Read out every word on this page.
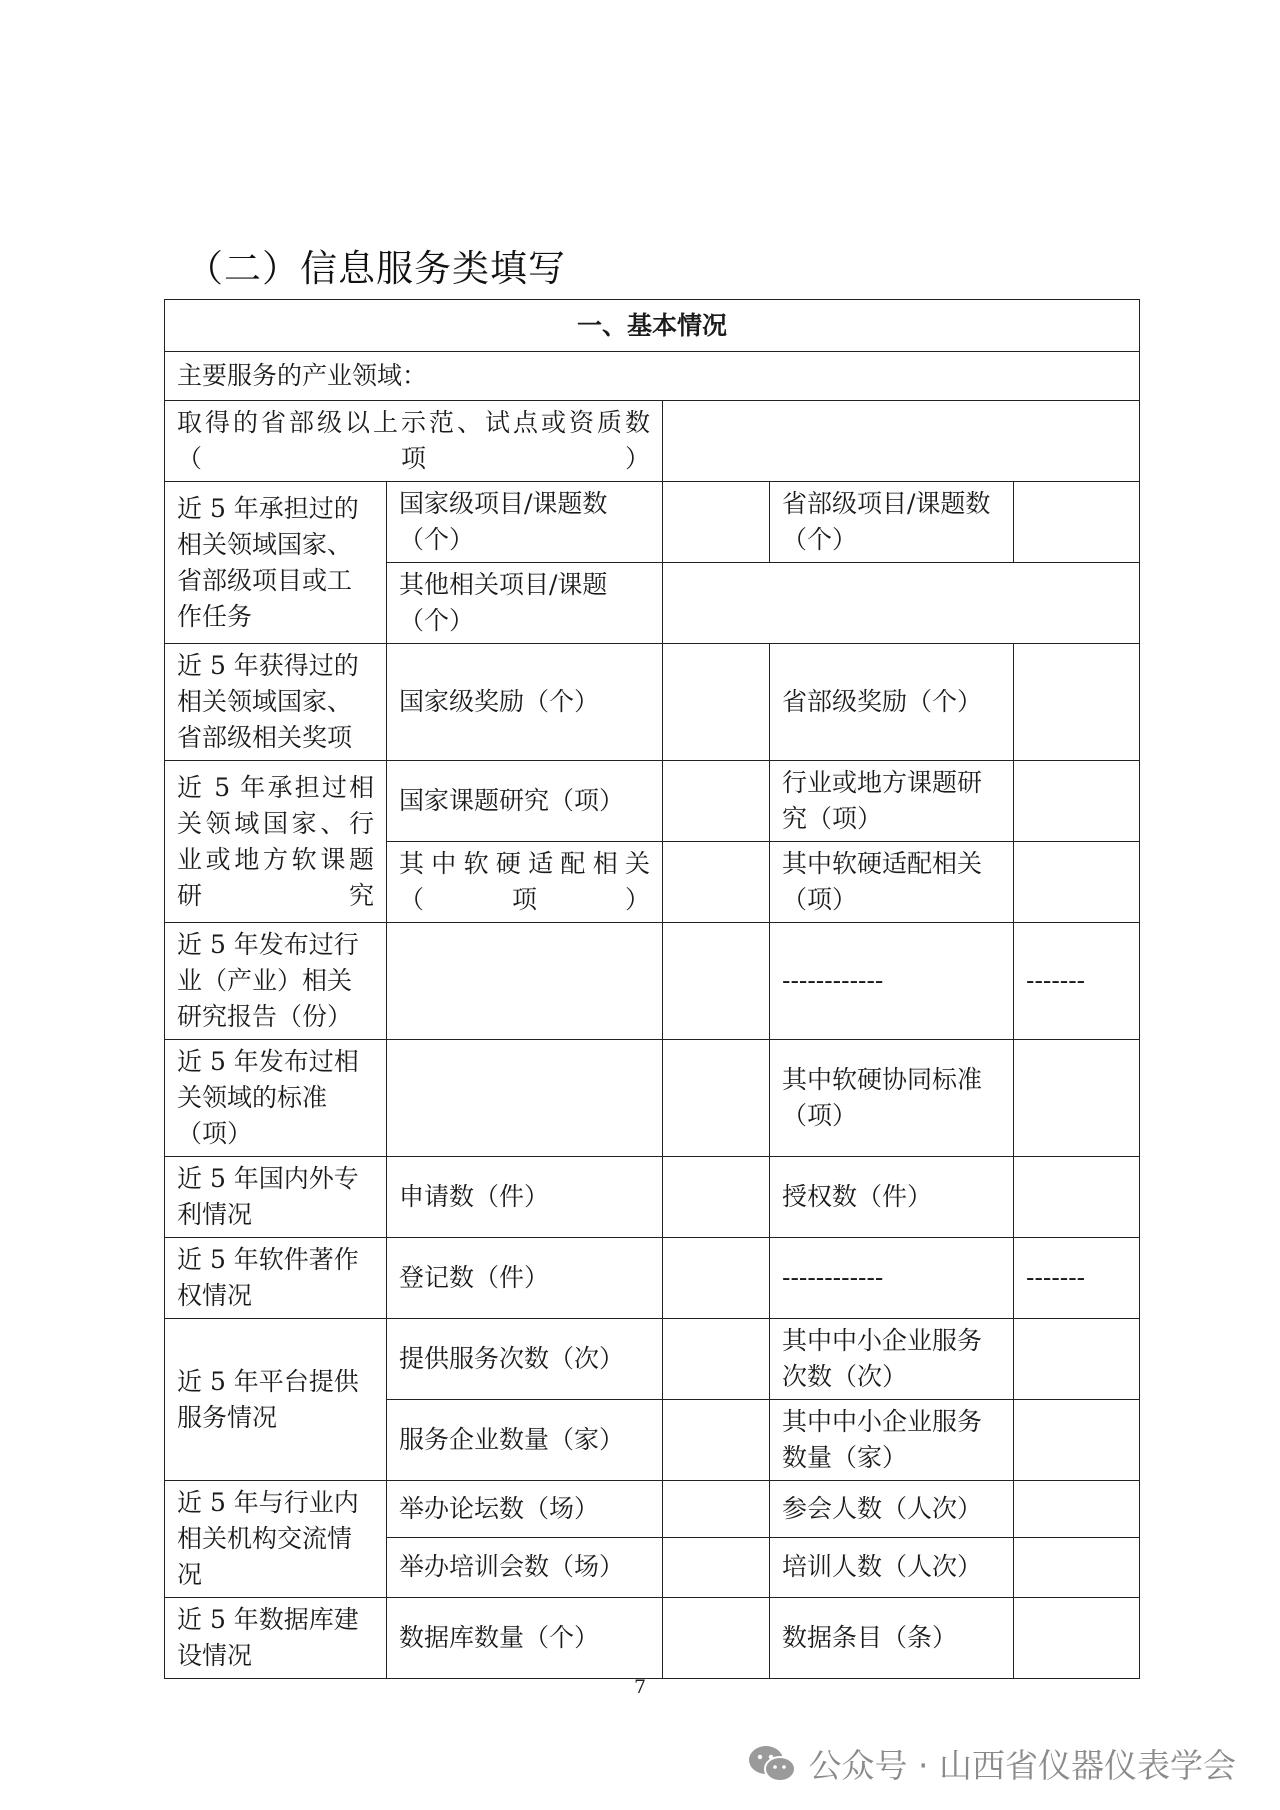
（二）信息服务类填写
一、基本情况				
主要服务的产业领域：				
取得的省部级以上示范、试点或资质数（项）				
近 5 年承担过的相关领域国家、省部级项目或工作任务	国家级项目/课题数（个）		省部级项目/课题数（个）	
	其他相关项目/课题（个）			
近 5 年获得过的相关领域国家、省部级相关奖项	国家级奖励（个）		省部级奖励（个）	
近 5 年承担过相关领域国家、行业或地方软课题研究	国家课题研究（项）		行业或地方课题研究（项）	
	其中软硬适配相关（项）		其中软硬适配相关（项）	
近 5 年发布过行业（产业）相关研究报告（份）			------------	-------
近 5 年发布过相关领域的标准（项）			其中软硬协同标准（项）	
近 5 年国内外专利情况	申请数（件）		授权数（件）	
近 5 年软件著作权情况	登记数（件）		------------	-------
近 5 年平台提供服务情况	提供服务次数（次）		其中中小企业服务次数（次）	
	服务企业数量（家）		其中中小企业服务数量（家）	
近 5 年与行业内相关机构交流情况	举办论坛数（场）		参会人数（人次）	
	举办培训会数（场）		培训人数（人次）	
近 5 年数据库建设情况	数据库数量（个）		数据条目（条）	
7
公众号 · 山西省仪器仪表学会
